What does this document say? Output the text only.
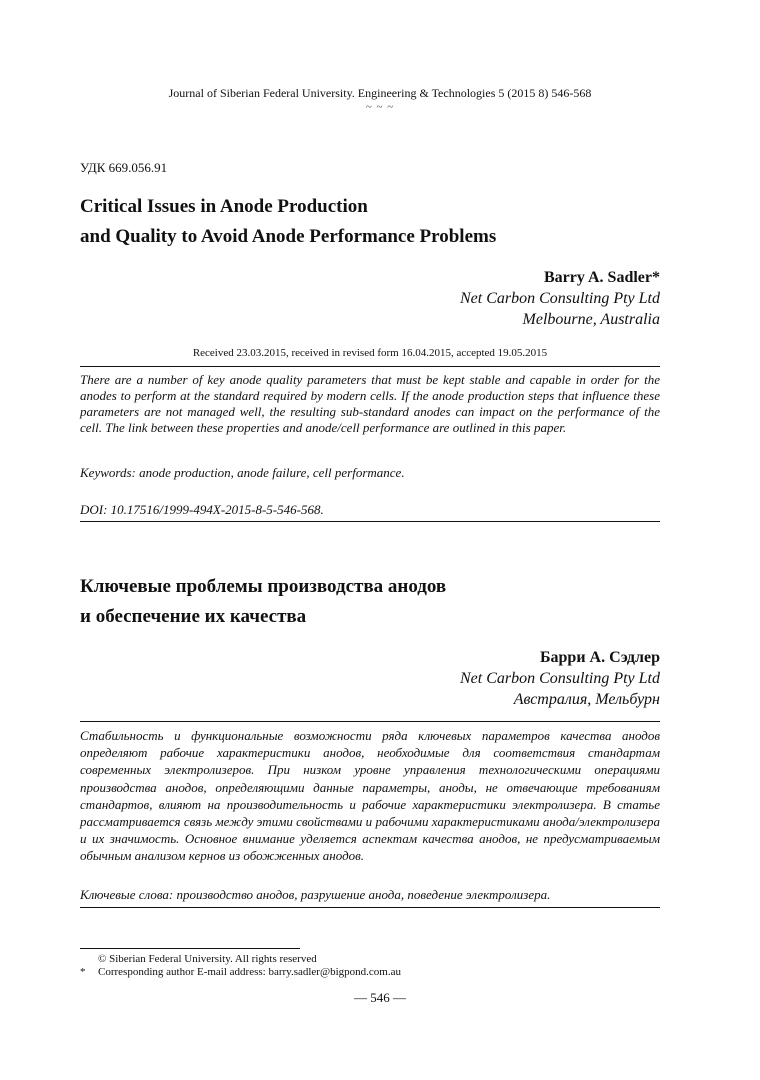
Journal of Siberian Federal University. Engineering & Technologies 5 (2015 8) 546-568
~ ~ ~
УДК 669.056.91
Critical Issues in Anode Production
and Quality to Avoid Anode Performance Problems
Barry A. Sadler*
Net Carbon Consulting Pty Ltd
Melbourne, Australia
Received 23.03.2015, received in revised form 16.04.2015, accepted 19.05.2015

There are a number of key anode quality parameters that must be kept stable and capable in order for the anodes to perform at the standard required by modern cells. If the anode production steps that influence these parameters are not managed well, the resulting sub-standard anodes can impact on the performance of the cell. The link between these properties and anode/cell performance are outlined in this paper.

Keywords: anode production, anode failure, cell performance.
DOI: 10.17516/1999-494X-2015-8-5-546-568.
Ключевые проблемы производства анодов
и обеспечение их качества
Барри А. Сэдлер
Net Carbon Consulting Pty Ltd
Австралия, Мельбурн

Стабильность и функциональные возможности ряда ключевых параметров качества анодов определяют рабочие характеристики анодов, необходимые для соответствия стандартам современных электролизеров. При низком уровне управления технологическими операциями производства анодов, определяющими данные параметры, аноды, не отвечающие требованиям стандартов, влияют на производительность и рабочие характеристики электролизера. В статье рассматривается связь между этими свойствами и рабочими характеристиками анода/электролизера и их значимость. Основное внимание уделяется аспектам качества анодов, не предусматриваемым обычным анализом кернов из обожженных анодов.

Ключевые слова: производство анодов, разрушение анода, поведение электролизера.
© Siberian Federal University. All rights reserved
* Corresponding author E-mail address: barry.sadler@bigpond.com.au
— 546 —
